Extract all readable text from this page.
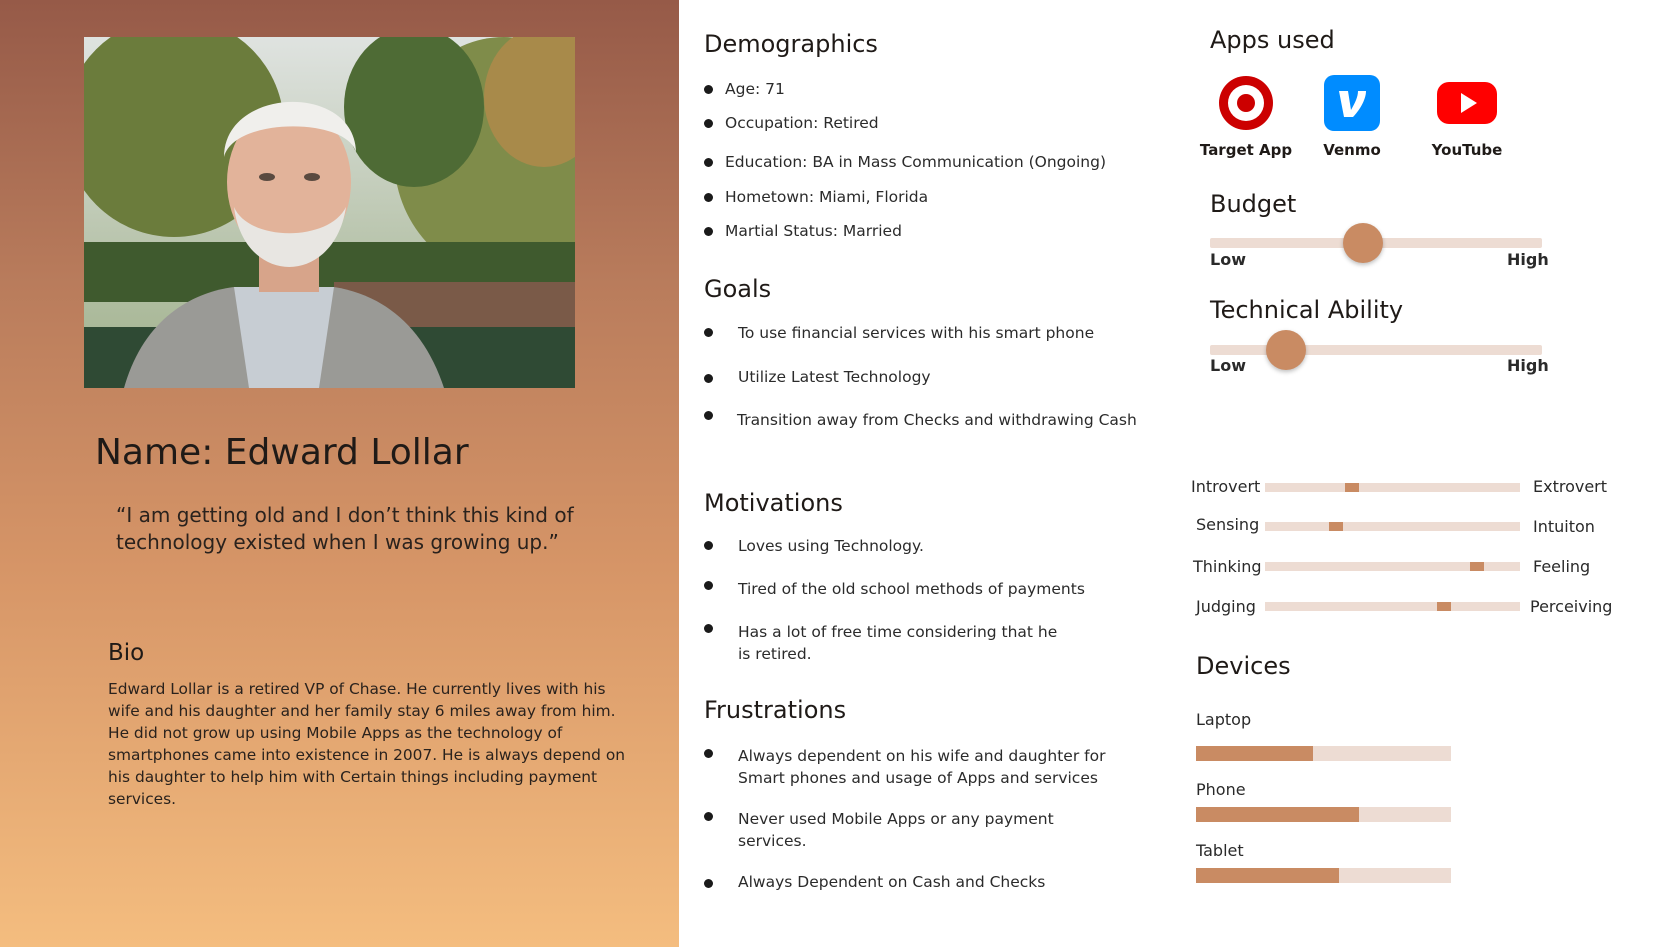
Name: Edward Lollar
“I am getting old and I don’t think this kind of technology existed when I was growing up.”
Bio
Edward Lollar is a retired VP of Chase. He currently lives with his wife and his daughter and her family stay 6 miles away from him. He did not grow up using Mobile Apps as the technology of smartphones came into existence in 2007. He is always depend on his daughter to help him with Certain things including payment services.
Demographics
Age: 71
Occupation: Retired
Education: BA in Mass Communication (Ongoing)
Hometown: Miami, Florida
Martial Status: Married
Goals
To use financial services with his smart phone
Utilize Latest Technology
Transition away from Checks and withdrawing Cash
Motivations
Loves using Technology.
Tired of the old school methods of payments
Has a lot of free time considering that he is retired.
Frustrations
Always dependent on his wife and daughter for Smart phones and usage of Apps and services
Never used Mobile Apps or any payment services.
Always Dependent on Cash and Checks
Apps used
Target App	Venmo	YouTube
Budget
Low	High
Technical Ability
Low	High
Introvert	Extrovert
Sensing	Intuiton
Thinking	Feeling
Judging	Perceiving
Devices
Laptop
Phone
Tablet
